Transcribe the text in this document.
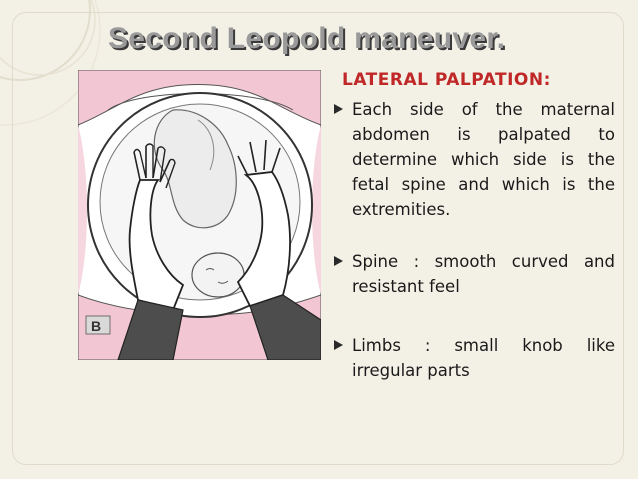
Second Leopold maneuver.
LATERAL PALPATION:
B
Each side of the maternal abdomen is palpated to determine which side is the fetal spine and which is the extremities.
Spine : smooth curved and resistant feel
Limbs : small knob like irregular parts
